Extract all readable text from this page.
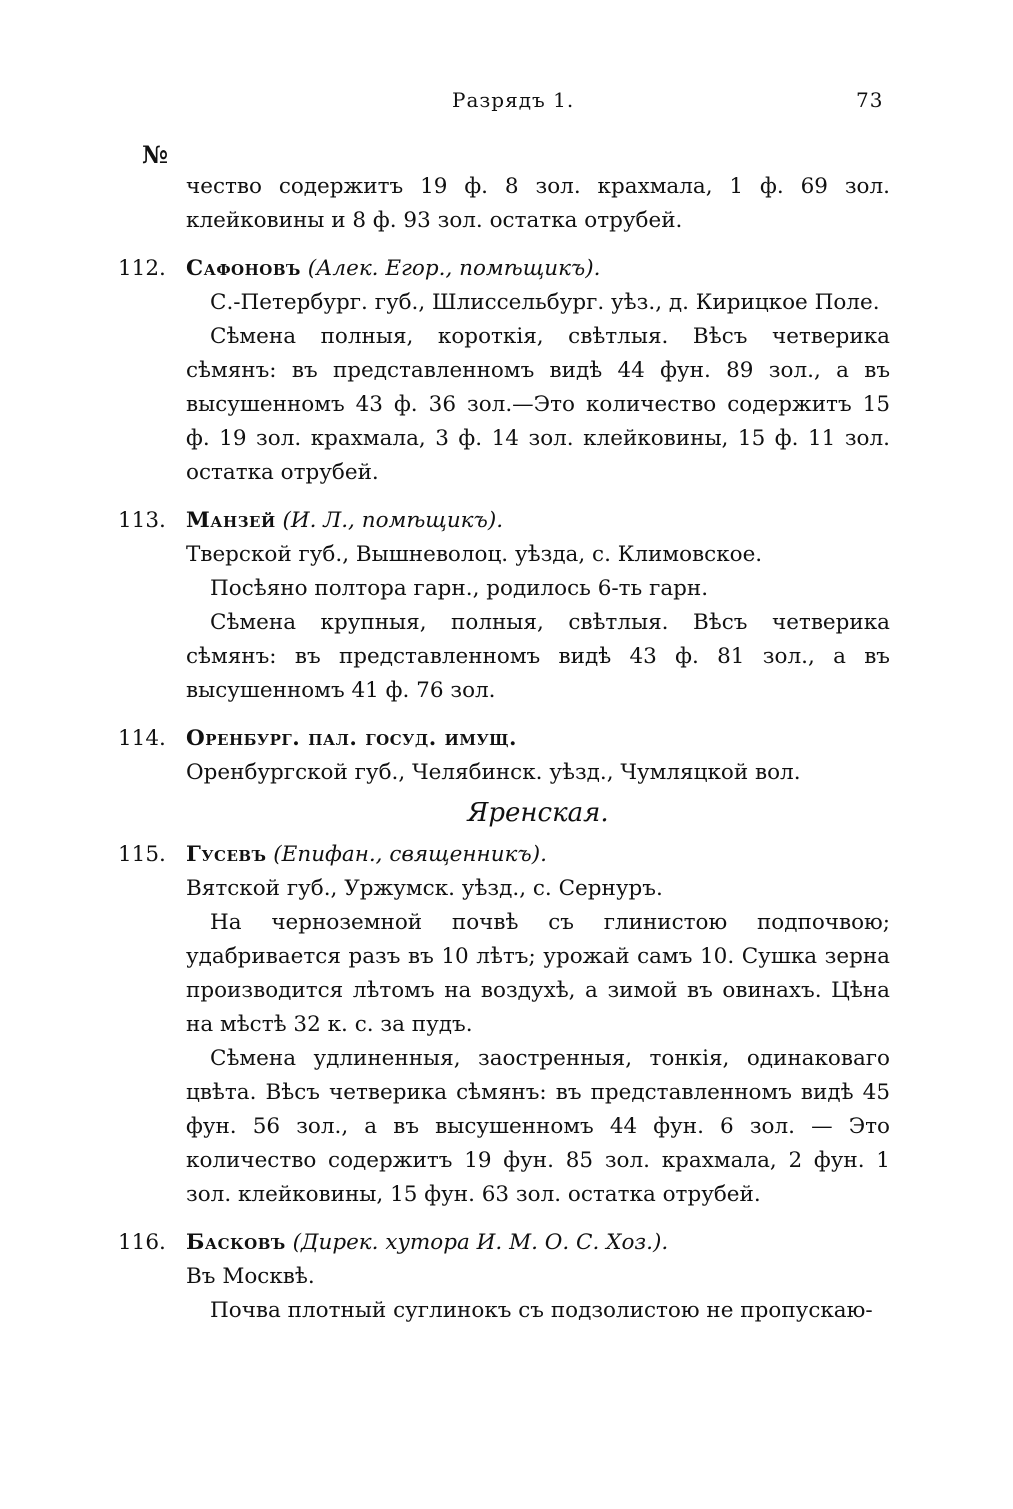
Разрядъ 1.	73
№

чество содержитъ 19 ф. 8 зол. крахмала, 1 ф. 69 зол. клейковины и 8 ф. 93 зол. остатка отрубей.

112. Сафоновъ (Алек. Егор., помѣщикъ).

С.-Петербург. губ., Шлиссельбург. уѣз., д. Кирицкое Поле.

Сѣмена полныя, короткія, свѣтлыя. Вѣсъ четверика сѣмянъ: въ представленномъ видѣ 44 фун. 89 зол., а въ высушенномъ 43 ф. 36 зол.—Это количество содержитъ 15 ф. 19 зол. крахмала, 3 ф. 14 зол. клейковины, 15 ф. 11 зол. остатка отрубей.

113. Манзей (И. Л., помѣщикъ).

Тверской губ., Вышневолоц. уѣзда, с. Климовское.

Посѣяно полтора гарн., родилось 6-ть гарн.

Сѣмена крупныя, полныя, свѣтлыя. Вѣсъ четверика сѣмянъ: въ представленномъ видѣ 43 ф. 81 зол., а въ высушенномъ 41 ф. 76 зол.

114. Оренбург. пал. госуд. имущ.

Оренбургской губ., Челябинск. уѣзд., Чумляцкой вол.

Яренская.

115. Гусевъ (Епифан., священникъ).

Вятской губ., Уржумск. уѣзд., с. Сернуръ.

На черноземной почвѣ съ глинистою подпочвою; удабривается разъ въ 10 лѣтъ; урожай самъ 10. Сушка зерна производится лѣтомъ на воздухѣ, а зимой въ овинахъ. Цѣна на мѣстѣ 32 к. с. за пудъ.

Сѣмена удлиненныя, заостренныя, тонкія, одинаковаго цвѣта. Вѣсъ четверика сѣмянъ: въ представленномъ видѣ 45 фун. 56 зол., а въ высушенномъ 44 фун. 6 зол. — Это количество содержитъ 19 фун. 85 зол. крахмала, 2 фун. 1 зол. клейковины, 15 фун. 63 зол. остатка отрубей.

116. Басковъ (Дирек. хутора И. М. О. С. Хоз.).

Въ Москвѣ.

Почва плотный суглинокъ съ подзолистою не пропускаю-
